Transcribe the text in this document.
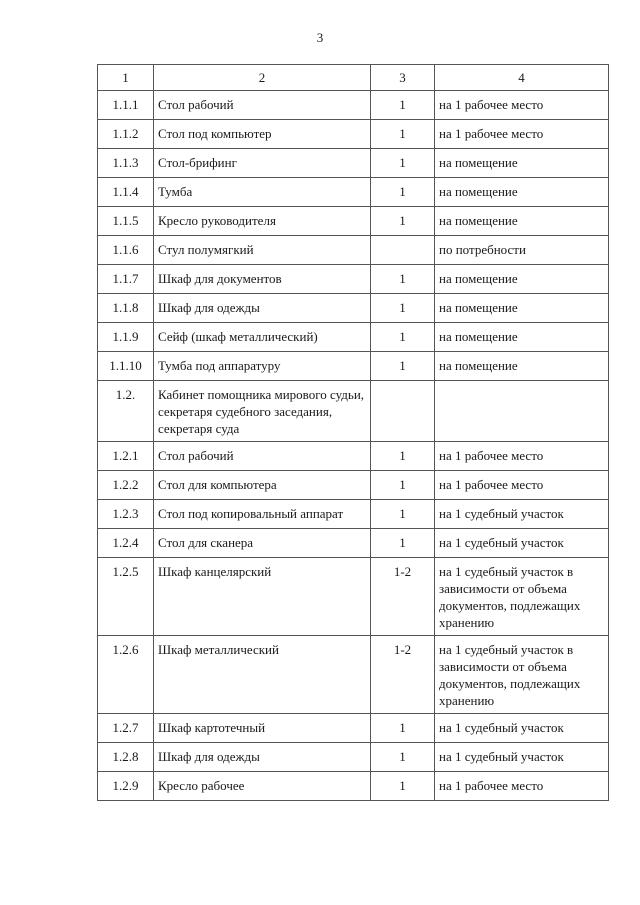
3
1	2	3	4
1.1.1	Стол рабочий	1	на 1 рабочее место
1.1.2	Стол под компьютер	1	на 1 рабочее место
1.1.3	Стол-брифинг	1	на помещение
1.1.4	Тумба	1	на помещение
1.1.5	Кресло руководителя	1	на помещение
1.1.6	Стул полумягкий		по потребности
1.1.7	Шкаф для документов	1	на помещение
1.1.8	Шкаф для одежды	1	на помещение
1.1.9	Сейф (шкаф металлический)	1	на помещение
1.1.10	Тумба под аппаратуру	1	на помещение
1.2.	Кабинет помощника мирового судьи, секретаря судебного заседания, секретаря суда		
1.2.1	Стол рабочий	1	на 1 рабочее место
1.2.2	Стол для компьютера	1	на 1 рабочее место
1.2.3	Стол под копировальный аппарат	1	на 1 судебный участок
1.2.4	Стол для сканера	1	на 1 судебный участок
1.2.5	Шкаф канцелярский	1-2	на 1 судебный участок в зависимости от объема документов, подлежащих хранению
1.2.6	Шкаф металлический	1-2	на 1 судебный участок в зависимости от объема документов, подлежащих хранению
1.2.7	Шкаф картотечный	1	на 1 судебный участок
1.2.8	Шкаф для одежды	1	на 1 судебный участок
1.2.9	Кресло рабочее	1	на 1 рабочее место
